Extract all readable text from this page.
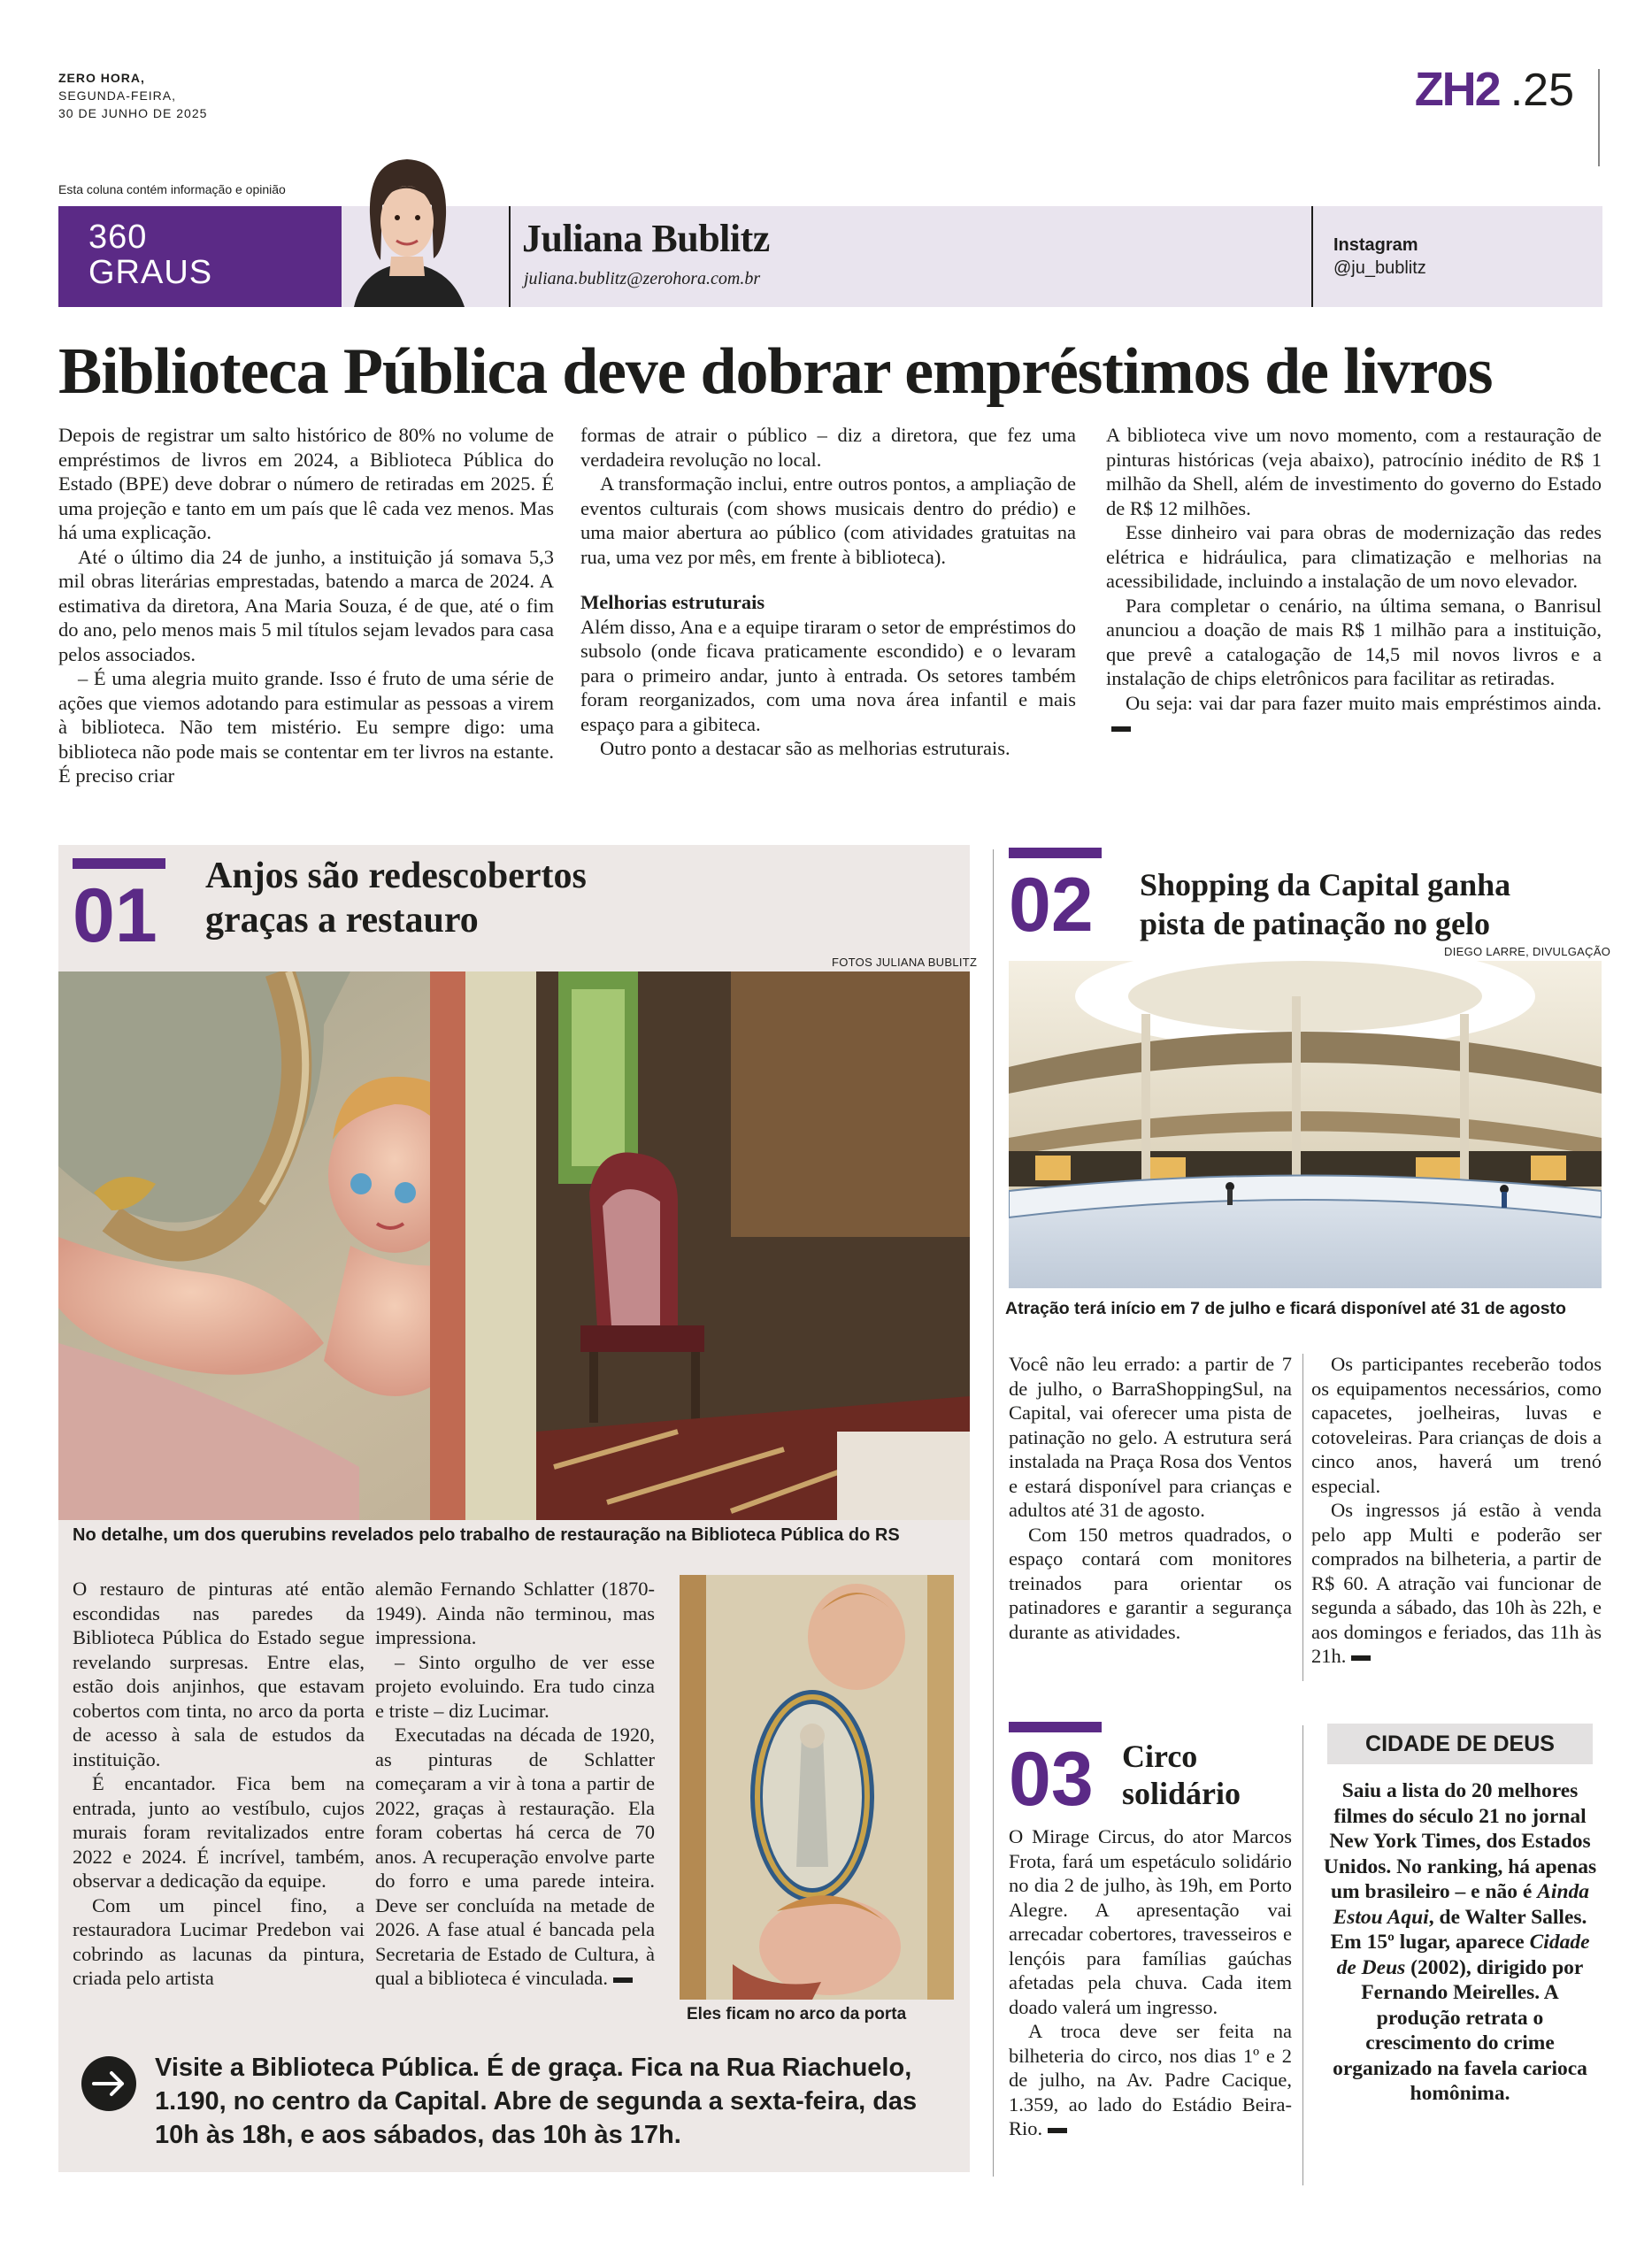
ZERO HORA,
SEGUNDA-FEIRA,
30 DE JUNHO DE 2025	ZH2 .25
Esta coluna contém informação e opinião
360
GRAUS
Juliana Bublitz
juliana.bublitz@zerohora.com.br
Instagram
@ju_bublitz
Biblioteca Pública deve dobrar empréstimos de livros

Depois de registrar um salto histórico de 80% no volume de empréstimos de livros em 2024, a Biblioteca Pública do Estado (BPE) deve dobrar o número de retiradas em 2025. É uma projeção e tanto em um país que lê cada vez menos. Mas há uma explicação.

Até o último dia 24 de junho, a instituição já somava 5,3 mil obras literárias emprestadas, batendo a marca de 2024. A estimativa da diretora, Ana Maria Souza, é de que, até o fim do ano, pelo menos mais 5 mil títulos sejam levados para casa pelos associados.

– É uma alegria muito grande. Isso é fruto de uma série de ações que viemos adotando para estimular as pessoas a virem à biblioteca. Não tem mistério. Eu sempre digo: uma biblioteca não pode mais se contentar em ter livros na estante. É preciso criar

formas de atrair o público – diz a diretora, que fez uma verdadeira revolução no local.

A transformação inclui, entre outros pontos, a ampliação de eventos culturais (com shows musicais dentro do prédio) e uma maior abertura ao público (com atividades gratuitas na rua, uma vez por mês, em frente à biblioteca).

Melhorias estruturais

Além disso, Ana e a equipe tiraram o setor de empréstimos do subsolo (onde ficava praticamente escondido) e o levaram para o primeiro andar, junto à entrada. Os setores também foram reorganizados, com uma nova área infantil e mais espaço para a gibiteca.

Outro ponto a destacar são as melhorias estruturais.

A biblioteca vive um novo momento, com a restauração de pinturas históricas (veja abaixo), patrocínio inédito de R$ 1 milhão da Shell, além de investimento do governo do Estado de R$ 12 milhões.

Esse dinheiro vai para obras de modernização das redes elétrica e hidráulica, para climatização e melhorias na acessibilidade, incluindo a instalação de um novo elevador.

Para completar o cenário, na última semana, o Banrisul anunciou a doação de mais R$ 1 milhão para a instituição, que prevê a catalogação de 14,5 mil novos livros e a instalação de chips eletrônicos para facilitar as retiradas.

Ou seja: vai dar para fazer muito mais empréstimos ainda.

01 Anjos são redescobertos
graças a restauro
FOTOS JULIANA BUBLITZ
No detalhe, um dos querubins revelados pelo trabalho de restauração na Biblioteca Pública do RS

O restauro de pinturas até então escondidas nas paredes da Biblioteca Pública do Estado segue revelando surpresas. Entre elas, estão dois anjinhos, que estavam cobertos com tinta, no arco da porta de acesso à sala de estudos da instituição.

É encantador. Fica bem na entrada, junto ao vestíbulo, cujos murais foram revitalizados entre 2022 e 2024. É incrível, também, observar a dedicação da equipe.

Com um pincel fino, a restauradora Lucimar Predebon vai cobrindo as lacunas da pintura, criada pelo artista

alemão Fernando Schlatter (1870-1949). Ainda não terminou, mas impressiona.

– Sinto orgulho de ver esse projeto evoluindo. Era tudo cinza e triste – diz Lucimar.

Executadas na década de 1920, as pinturas de Schlatter começaram a vir à tona a partir de 2022, graças à restauração. Ela foram cobertas há cerca de 70 anos. A recuperação envolve parte do forro e uma parede inteira. Deve ser concluída na metade de 2026. A fase atual é bancada pela Secretaria de Estado de Cultura, à qual a biblioteca é vinculada.

Eles ficam no arco da porta
Visite a Biblioteca Pública. É de graça. Fica na Rua Riachuelo, 1.190, no centro da Capital. Abre de segunda a sexta-feira, das 10h às 18h, e aos sábados, das 10h às 17h.
02 Shopping da Capital ganha
pista de patinação no gelo
DIEGO LARRE, DIVULGAÇÃO
Atração terá início em 7 de julho e ficará disponível até 31 de agosto

Você não leu errado: a partir de 7 de julho, o BarraShoppingSul, na Capital, vai oferecer uma pista de patinação no gelo. A estrutura será instalada na Praça Rosa dos Ventos e estará disponível para crianças e adultos até 31 de agosto.

Com 150 metros quadrados, o espaço contará com monitores treinados para orientar os patinadores e garantir a segurança durante as atividades.

Os participantes receberão todos os equipamentos necessários, como capacetes, joelheiras, luvas e cotoveleiras. Para crianças de dois a cinco anos, haverá um trenó especial.

Os ingressos já estão à venda pelo app Multi e poderão ser comprados na bilheteria, a partir de R$ 60. A atração vai funcionar de segunda a sábado, das 10h às 22h, e aos domingos e feriados, das 11h às 21h.

03 Circo
solidário

O Mirage Circus, do ator Marcos Frota, fará um espetáculo solidário no dia 2 de julho, às 19h, em Porto Alegre. A apresentação vai arrecadar cobertores, travesseiros e lençóis para famílias gaúchas afetadas pela chuva. Cada item doado valerá um ingresso.

A troca deve ser feita na bilheteria do circo, nos dias 1º e 2 de julho, na Av. Padre Cacique, 1.359, ao lado do Estádio Beira-Rio.

CIDADE DE DEUS
Saiu a lista do 20 melhores filmes do século 21 no jornal New York Times, dos Estados Unidos. No ranking, há apenas um brasileiro – e não é Ainda Estou Aqui, de Walter Salles. Em 15º lugar, aparece Cidade de Deus (2002), dirigido por Fernando Meirelles. A produção retrata o crescimento do crime organizado na favela carioca homônima.
